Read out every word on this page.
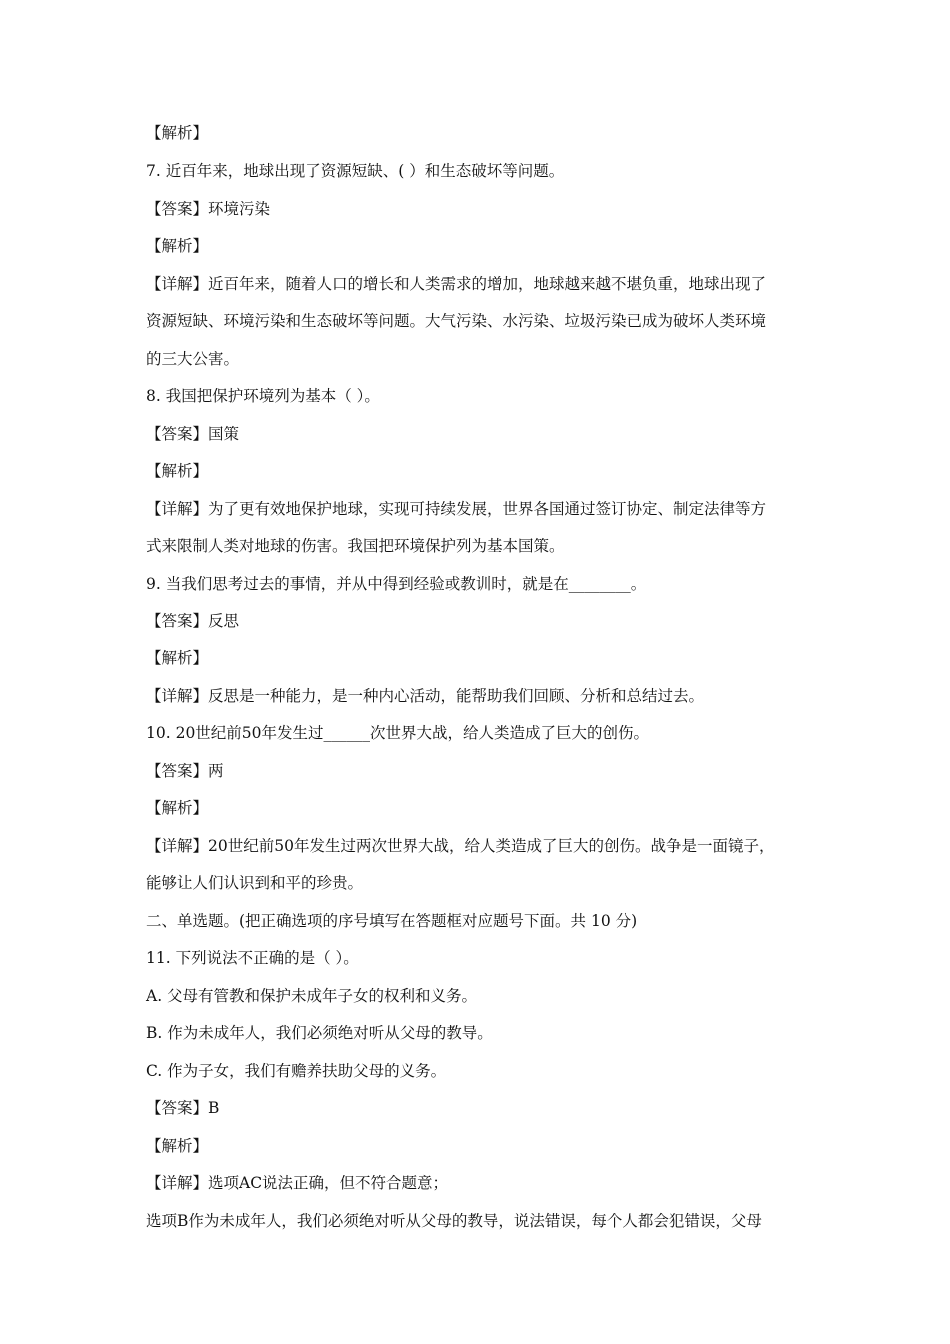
【解析】
7. 近百年来，地球出现了资源短缺、( ）和生态破坏等问题。
【答案】环境污染
【解析】
【详解】近百年来，随着人口的增长和人类需求的增加，地球越来越不堪负重，地球出现了
资源短缺、环境污染和生态破坏等问题。大气污染、水污染、垃圾污染已成为破坏人类环境
的三大公害。
8. 我国把保护环境列为基本（ ）。
【答案】国策
【解析】
【详解】为了更有效地保护地球，实现可持续发展，世界各国通过签订协定、制定法律等方
式来限制人类对地球的伤害。我国把环境保护列为基本国策。
9. 当我们思考过去的事情，并从中得到经验或教训时，就是在________。
【答案】反思
【解析】
【详解】反思是一种能力，是一种内心活动，能帮助我们回顾、分析和总结过去。
10. 20世纪前50年发生过______次世界大战，给人类造成了巨大的创伤。
【答案】两
【解析】
【详解】20世纪前50年发生过两次世界大战，给人类造成了巨大的创伤。战争是一面镜子，
能够让人们认识到和平的珍贵。
二、单选题。(把正确选项的序号填写在答题框对应题号下面。共 10 分)
11. 下列说法不正确的是（ ）。
A. 父母有管教和保护未成年子女的权利和义务。
B. 作为未成年人，我们必须绝对听从父母的教导。
C. 作为子女，我们有赡养扶助父母的义务。
【答案】B
【解析】
【详解】选项AC说法正确，但不符合题意；
选项B作为未成年人，我们必须绝对听从父母的教导，说法错误，每个人都会犯错误，父母
